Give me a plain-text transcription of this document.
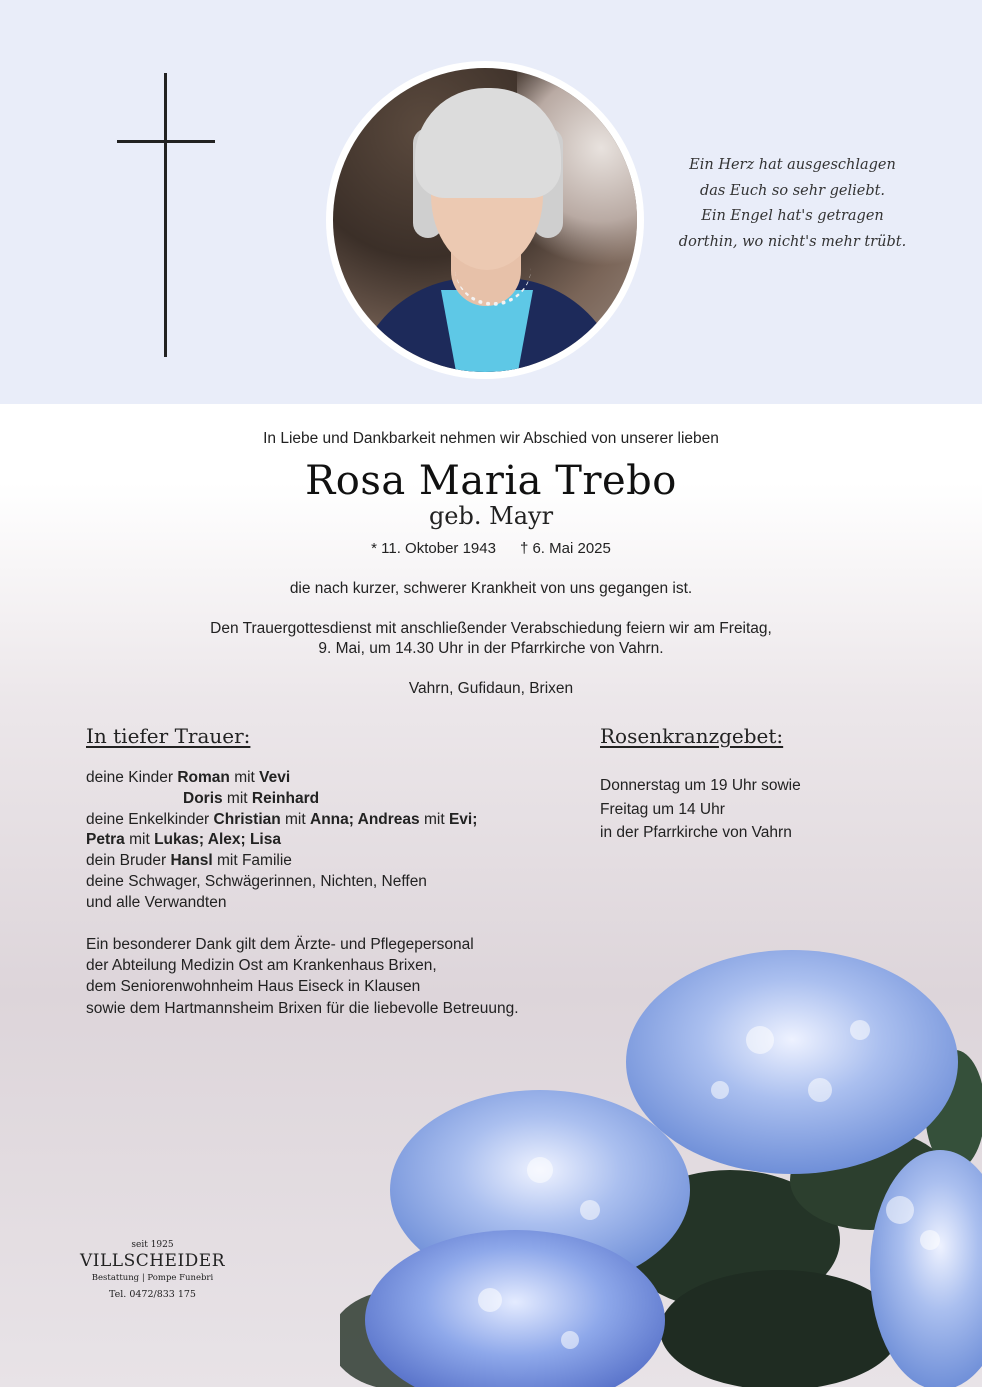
Ein Herz hat ausgeschlagen
das Euch so sehr geliebt.
Ein Engel hat's getragen
dorthin, wo nicht's mehr trübt.
In Liebe und Dankbarkeit nehmen wir Abschied von unserer lieben
Rosa Maria Trebo
geb. Mayr
* 11. Oktober 1943 † 6. Mai 2025
die nach kurzer, schwerer Krankheit von uns gegangen ist.
Den Trauergottesdienst mit anschließender Verabschiedung feiern wir am Freitag,
9. Mai, um 14.30 Uhr in der Pfarrkirche von Vahrn.
Vahrn, Gufidaun, Brixen
In tiefer Trauer:	Rosenkranzgebet:
deine Kinder Roman mit Vevi
Doris mit Reinhard
deine Enkelkinder Christian mit Anna; Andreas mit Evi;
Petra mit Lukas; Alex; Lisa
dein Bruder Hansl mit Familie
deine Schwager, Schwägerinnen, Nichten, Neffen
und alle Verwandten
Ein besonderer Dank gilt dem Ärzte- und Pflegepersonal
der Abteilung Medizin Ost am Krankenhaus Brixen,
dem Seniorenwohnheim Haus Eiseck in Klausen
sowie dem Hartmannsheim Brixen für die liebevolle Betreuung.
Donnerstag um 19 Uhr sowie
Freitag um 14 Uhr
in der Pfarrkirche von Vahrn
seit 1925
VILLSCHEIDER
Bestattung | Pompe Funebri
Tel. 0472/833 175
